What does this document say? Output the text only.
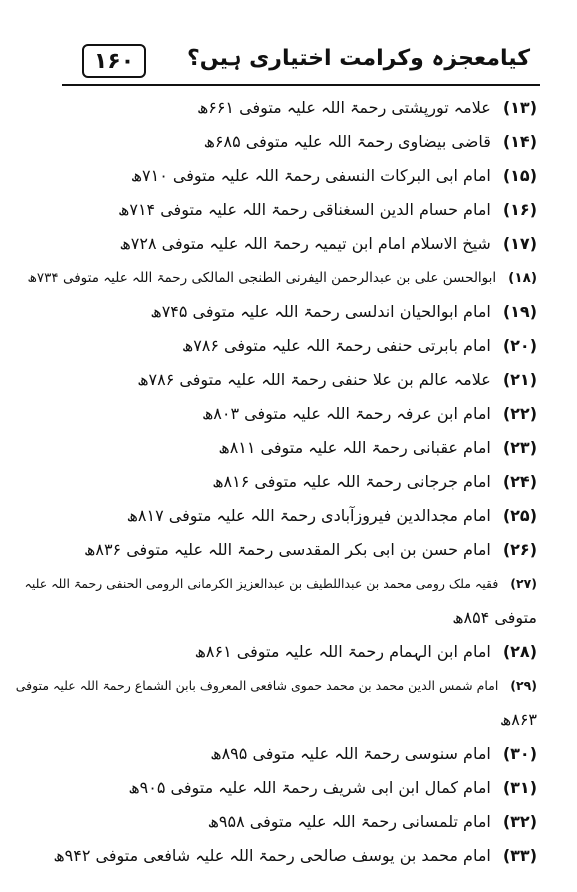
۱۶۰	کیامعجزہ وکرامت اختیاری ہیں؟
(۱۳)علامہ تورپشتی رحمۃ اللہ علیہ متوفی ۶۶۱ھ
(۱۴)قاضی بیضاوی رحمۃ اللہ علیہ متوفی ۶۸۵ھ
(۱۵)امام ابی البرکات النسفی رحمۃ اللہ علیہ متوفی ۷۱۰ھ
(۱۶)امام حسام الدین السغناقی رحمۃ اللہ علیہ متوفی ۷۱۴ھ
(۱۷)شیخ الاسلام امام ابن تیمیہ رحمۃ اللہ علیہ متوفی ۷۲۸ھ
(۱۸)ابوالحسن علی بن عبدالرحمن الیفرنی الطنجی المالکی رحمۃ اللہ علیہ متوفی ۷۳۴ھ
(۱۹)امام ابوالحیان اندلسی رحمۃ اللہ علیہ متوفی ۷۴۵ھ
(۲۰)امام بابرتی حنفی رحمۃ اللہ علیہ متوفی ۷۸۶ھ
(۲۱)علامہ عالم بن علا حنفی رحمۃ اللہ علیہ متوفی ۷۸۶ھ
(۲۲)امام ابن عرفہ رحمۃ اللہ علیہ متوفی ۸۰۳ھ
(۲۳)امام عقبانی رحمۃ اللہ علیہ متوفی ۸۱۱ھ
(۲۴)امام جرجانی رحمۃ اللہ علیہ متوفی ۸۱۶ھ
(۲۵)امام مجدالدین فیروزآبادی رحمۃ اللہ علیہ متوفی ۸۱۷ھ
(۲۶)امام حسن بن ابی بکر المقدسی رحمۃ اللہ علیہ متوفی ۸۳۶ھ
(۲۷)فقیہ ملک رومی محمد بن عبداللطیف بن عبدالعزیز الکرمانی الرومی الحنفی رحمۃ اللہ علیہ
متوفی ۸۵۴ھ
(۲۸)امام ابن الہمام رحمۃ اللہ علیہ متوفی ۸۶۱ھ
(۲۹)امام شمس الدین محمد بن محمد حموی شافعی المعروف بابن الشماع رحمۃ اللہ علیہ متوفی
۸۶۳ھ
(۳۰)امام سنوسی رحمۃ اللہ علیہ متوفی ۸۹۵ھ
(۳۱)امام کمال ابن ابی شریف رحمۃ اللہ علیہ متوفی ۹۰۵ھ
(۳۲)امام تلمسانی رحمۃ اللہ علیہ متوفی ۹۵۸ھ
(۳۳)امام محمد بن یوسف صالحی رحمۃ اللہ علیہ شافعی متوفی ۹۴۲ھ
